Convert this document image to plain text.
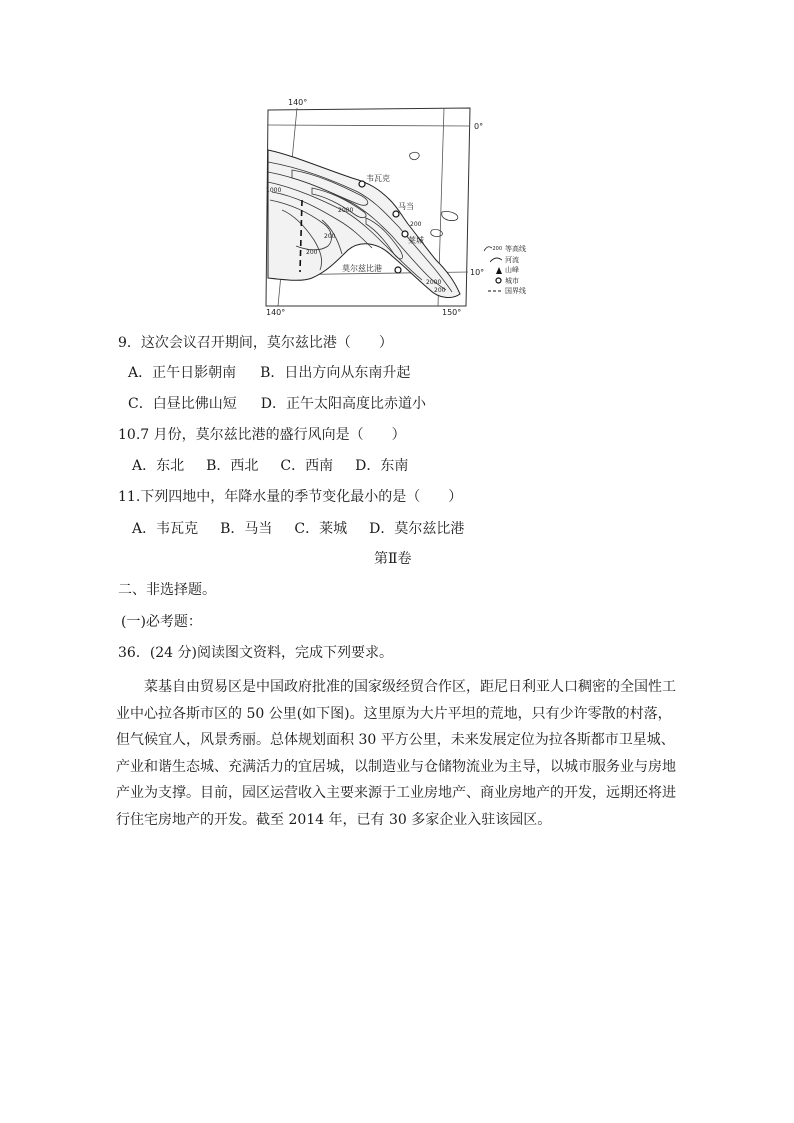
140°
0°
140°	150°
10°
1000
2000
200
200
200
200
2000
韦瓦克
马当
莱城
莫尔兹比港
200 等高线
河流
山峰
城市
国界线
9．这次会议召开期间，莫尔兹比港（　　）
A．正午日影朝南 B．日出方向从东南升起
C．白昼比佛山短 D．正午太阳高度比赤道小
10.7 月份，莫尔兹比港的盛行风向是（　　）
A．东北 B．西北 C．西南 D．东南
11.下列四地中，年降水量的季节变化最小的是（　　）
A．韦瓦克 B．马当 C．莱城 D．莫尔兹比港
第Ⅱ卷
二、非选择题。
(一)必考题：
36．(24 分)阅读图文资料，完成下列要求。
菜基自由贸易区是中国政府批准的国家级经贸合作区，距尼日利亚人口稠密的全国性工
业中心拉各斯市区的 50 公里(如下图)。这里原为大片平坦的荒地，只有少许零散的村落，
但气候宜人，风景秀丽。总体规划面积 30 平方公里，未来发展定位为拉各斯都市卫星城、
产业和谐生态城、充满活力的宜居城，以制造业与仓储物流业为主导，以城市服务业与房地
产业为支撑。目前，园区运营收入主要来源于工业房地产、商业房地产的开发，远期还将进
行住宅房地产的开发。截至 2014 年，已有 30 多家企业入驻该园区。
